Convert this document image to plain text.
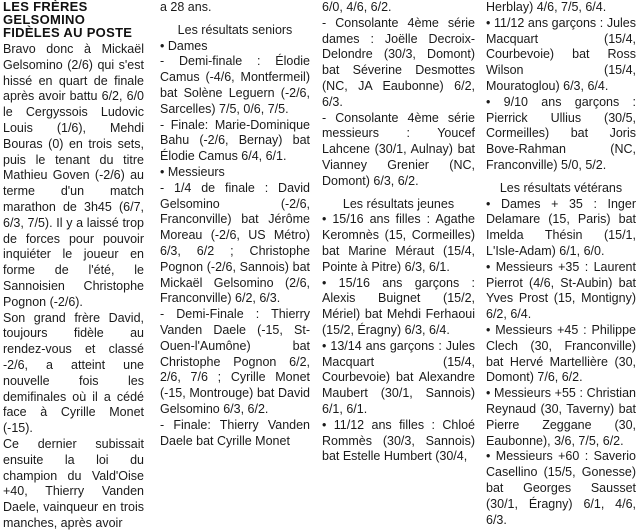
LES FRÈRES GELSOMINO

FIDÈLES AU POSTE

Bravo donc à Mickaël Gelsomino (2/6) qui s'est hissé en quart de finale après avoir battu 6/2, 6/0 le Cergyssois Ludovic Louis (1/6), Mehdi Bouras (0) en trois sets, puis le tenant du titre Mathieu Goven (-2/6) au terme d'un match marathon de 3h45 (6/7, 6/3, 7/5). Il y a laissé trop de forces pour pouvoir inquiéter le joueur en forme de l'été, le Sannoisien Christophe Pognon (-2/6).

Son grand frère David, toujours fidèle au rendez-vous et classé -2/6, a atteint une nouvelle fois les demifinales où il a cédé face à Cyrille Monet (-15).

Ce dernier subissait ensuite la loi du champion du Vald'Oise +40, Thierry Vanden Daele, vainqueur en trois manches, après avoir

a 28 ans.

Les résultats seniors

• Dames

- Demi-finale : Élodie Camus (-4/6, Montfermeil) bat Solène Leguern (-2/6, Sarcelles) 7/5, 0/6, 7/5.

- Finale: Marie-Dominique Bahu (-2/6, Bernay) bat Élodie Camus 6/4, 6/1.

• Messieurs

- 1/4 de finale : David Gelsomino (-2/6, Franconville) bat Jérôme Moreau (-2/6, US Métro) 6/3, 6/2 ; Christophe Pognon (-2/6, Sannois) bat Mickaël Gelsomino (2/6, Franconville) 6/2, 6/3.

- Demi-Finale : Thierry Vanden Daele (-15, St-Ouen-l'Aumône) bat Christophe Pognon 6/2, 2/6, 7/6 ; Cyrille Monet (-15, Montrouge) bat David Gelsomino 6/3, 6/2.

- Finale: Thierry Vanden Daele bat Cyrille Monet

6/0, 4/6, 6/2.

- Consolante 4ème série dames : Joëlle Decroix-Delondre (30/3, Domont) bat Séverine Desmottes (NC, JA Eaubonne) 6/2, 6/3.

- Consolante 4ème série messieurs : Youcef Lahcene (30/1, Aulnay) bat Vianney Grenier (NC, Domont) 6/3, 6/2.

Les résultats jeunes

• 15/16 ans filles : Agathe Keromnès (15, Cormeilles) bat Marine Méraut (15/4, Pointe à Pitre) 6/3, 6/1.

• 15/16 ans garçons : Alexis Buignet (15/2, Mériel) bat Mehdi Ferhaoui (15/2, Éragny) 6/3, 6/4.

• 13/14 ans garçons : Jules Macquart (15/4, Courbevoie) bat Alexandre Maubert (30/1, Sannois) 6/1, 6/1.

• 11/12 ans filles : Chloé Rommès (30/3, Sannois) bat Estelle Humbert (30/4,

Herblay) 4/6, 7/5, 6/4.

• 11/12 ans garçons : Jules Macquart (15/4, Courbevoie) bat Ross Wilson (15/4, Mouratoglou) 6/3, 6/4.

• 9/10 ans garçons : Pierrick Ullius (30/5, Cormeilles) bat Joris Bove-Rahman (NC, Franconville) 5/0, 5/2.

Les résultats vétérans

• Dames + 35 : Inger Delamare (15, Paris) bat Imelda Thésin (15/1, L'Isle-Adam) 6/1, 6/0.

• Messieurs +35 : Laurent Pierrot (4/6, St-Aubin) bat Yves Prost (15, Montigny) 6/2, 6/4.

• Messieurs +45 : Philippe Clech (30, Franconville) bat Hervé Martellière (30, Domont) 7/6, 6/2.

• Messieurs +55 : Christian Reynaud (30, Taverny) bat Pierre Zeggane (30, Eaubonne), 3/6, 7/5, 6/2.

• Messieurs +60 : Saverio Casellino (15/5, Gonesse) bat Georges Sausset (30/1, Éragny) 6/1, 4/6, 6/3.
